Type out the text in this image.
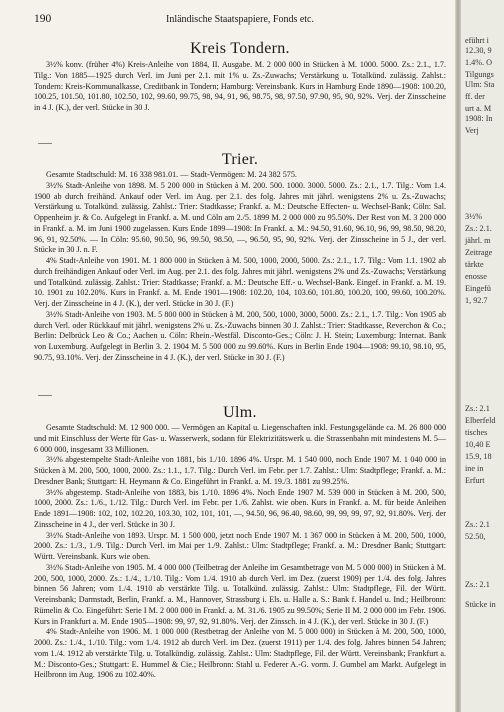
190	Inländische Staatspapiere, Fonds etc.
Kreis Tondern.

3½% konv. (früher 4%) Kreis-Anleihe von 1884, II. Ausgabe. M. 2 000 000 in Stücken à M. 1000. 5000. Zs.: 2.1., 1.7. Tilg.: Von 1885—1925 durch Verl. im Juni per 2.1. mit 1% u. Zs.-Zuwachs; Verstärkung u. Totalkünd. zulässig. Zahlst.: Tondern: Kreis-Kommunalkasse, Creditbank in Tondern; Hamburg: Vereinsbank. Kurs in Hamburg Ende 1890—1908: 100.20, 100.25, 101.50, 101.80, 102.50, 102, 99.60, 99.75, 98, 94, 91, 96, 98.75, 98, 97.50, 97.90, 95, 90, 92%. Verj. der Zinsscheine in 4 J. (K.), der verl. Stücke in 30 J.

Trier.

Gesamte Stadtschuld: M. 16 338 981.01. — Stadt-Vermögen: M. 24 382 575.

3½% Stadt-Anleihe von 1898. M. 5 200 000 in Stücken à M. 200. 500. 1000. 3000. 5000. Zs.: 2.1., 1.7. Tilg.: Vom 1.4. 1900 ab durch freihänd. Ankauf oder Verl. im Aug. per 2.1. des folg. Jahres mit jährl. wenigstens 2% u. Zs.-Zuwachs; Verstärkung u. Totalkünd. zulässig. Zahlst.: Trier: Stadtkasse; Frankf. a. M.: Deutsche Effecten- u. Wechsel-Bank; Cöln: Sal. Oppenheim jr. & Co. Aufgelegt in Frankf. a. M. und Cöln am 2./5. 1899 M. 2 000 000 zu 95.50%. Der Rest von M. 3 200 000 in Frankf. a. M. im Juni 1900 zugelassen. Kurs Ende 1899—1908: In Frankf. a. M.: 94.50, 91.60, 96.10, 96, 99, 98.50, 98.20, 96, 91, 92.50%. — In Cöln: 95.60, 90.50, 96, 99.50, 98.50, —, 96.50, 95, 90, 92%. Verj. der Zinsscheine in 5 J., der verl. Stücke in 30 J. n. F.

4% Stadt-Anleihe von 1901. M. 1 800 000 in Stücken à M. 500, 1000, 2000, 5000. Zs.: 2.1., 1.7. Tilg.: Vom 1.1. 1902 ab durch freihändigen Ankauf oder Verl. im Aug. per 2.1. des folg. Jahres mit jährl. wenigstens 2% und Zs.-Zuwachs; Verstärkung und Totalkünd. zulässig. Zahlst.: Trier: Stadtkasse; Frankf. a. M.: Deutsche Eff.- u. Wechsel-Bank. Eingef. in Frankf. a. M. 19. 10. 1901 zu 102.20%. Kurs in Frankf. a. M. Ende 1901—1908: 102.20, 104, 103.60, 101.80, 100.20, 100, 99.60, 100.20%. Verj. der Zinsscheine in 4 J. (K.), der verl. Stücke in 30 J. (F.)

3½% Stadt-Anleihe von 1903. M. 5 800 000 in Stücken à M. 200, 500, 1000, 3000, 5000. Zs.: 2.1., 1.7. Tilg.: Von 1905 ab durch Verl. oder Rückkauf mit jährl. wenigstens 2% u. Zs.-Zuwachs binnen 30 J. Zahlst.: Trier: Stadtkasse, Reverchon & Co.; Berlin: Delbrück Leo & Co.; Aachen u. Cöln: Rhein.-Westfäl. Disconto-Ges.; Cöln: J. H. Stein; Luxemburg: Internat. Bank von Luxemburg. Aufgelegt in Berlin 3. 2. 1904 M. 5 500 000 zu 99.60%. Kurs in Berlin Ende 1904—1908: 99.10, 98.10, 95, 90.75, 93.10%. Verj. der Zinsscheine in 4 J. (K.), der verl. Stücke in 30 J. (F.)

Ulm.

Gesamte Stadtschuld: M. 12 900 000. — Vermögen an Kapital u. Liegenschaften inkl. Festungsgelände ca. M. 26 800 000 und mit Einschluss der Werte für Gas- u. Wasserwerk, sodann für Elektrizitätswerk u. die Strassenbahn mit mindestens M. 5—6 000 000, insgesamt 33 Millionen.

3½% abgestempelte Stadt-Anleihe von 1881, bis 1./10. 1896 4%. Urspr. M. 1 540 000, noch Ende 1907 M. 1 040 000 in Stücken à M. 200, 500, 1000, 2000. Zs.: 1.1., 1.7. Tilg.: Durch Verl. im Febr. per 1.7. Zahlst.: Ulm: Stadtpflege; Frankf. a. M.: Dresdner Bank; Stuttgart: H. Heymann & Co. Eingeführt in Frankf. a. M. 19./3. 1881 zu 99.25%.

3½% abgestemp. Stadt-Anleihe von 1883, bis 1./10. 1896 4%. Noch Ende 1907 M. 539 000 in Stücken à M. 200, 500, 1000, 2000. Zs.: 1./6., 1./12. Tilg.: Durch Verl. im Febr. per 1./6. Zahlst. wie oben. Kurs in Frankf. a. M. für beide Anleihen Ende 1891—1908: 102, 102, 102.20, 103.30, 102, 101, 101, —, 94.50, 96, 96.40, 98.60, 99, 99, 99, 97, 92, 91.80%. Verj. der Zinsscheine in 4 J., der verl. Stücke in 30 J.

3½% Stadt-Anleihe von 1893. Urspr. M. 1 500 000, jetzt noch Ende 1907 M. 1 367 000 in Stücken à M. 200, 500, 1000, 2000. Zs.: 1./3., 1./9. Tilg.: Durch Verl. im Mai per 1./9. Zahlst.: Ulm: Stadtpflege; Frankf. a. M.: Dresdner Bank; Stuttgart: Württ. Vereinsbank. Kurs wie oben.

3½% Stadt-Anleihe von 1905. M. 4 000 000 (Teilbetrag der Anleihe im Gesamtbetrage von M. 5 000 000) in Stücken à M. 200, 500, 1000, 2000. Zs.: 1./4., 1./10. Tilg.: Vom 1./4. 1910 ab durch Verl. im Dez. (zuerst 1909) per 1./4. des folg. Jahres binnen 56 Jahren; vom 1./4. 1910 ab verstärkte Tilg. u. Totalkünd. zulässig. Zahlst.: Ulm: Stadtpflege, Fil. der Württ. Vereinsbank; Darmstadt, Berlin, Frankf. a. M., Hannover, Strassburg i. Els. u. Halle a. S.: Bank f. Handel u. Ind.; Heilbronn: Rümelin & Co. Eingeführt: Serie I M. 2 000 000 in Frankf. a. M. 31./6. 1905 zu 99.50%; Serie II M. 2 000 000 im Febr. 1906. Kurs in Frankfurt a. M. Ende 1905—1908: 99, 97, 92, 91.80%. Verj. der Zinssch. in 4 J. (K.), der verl. Stücke in 30 J. (F.)

4% Stadt-Anleihe von 1906. M. 1 000 000 (Restbetrag der Anleihe von M. 5 000 000) in Stücken à M. 200, 500, 1000, 2000. Zs.: 1./4., 1./10. Tilg.: vom 1./4. 1912 ab durch Verl. im Dez. (zuerst 1911) per 1./4. des folg. Jahres binnen 54 Jahren; vom 1./4. 1912 ab verstärkte Tilg. u. Totalkündig. zulässig. Zahlst.: Ulm: Stadtpflege, Fil. der Württ. Vereinsbank; Frankfurt a. M.: Disconto-Ges.; Stuttgart: E. Hummel & Cie.; Heilbronn: Stahl u. Federer A.-G. vorm. J. Gumbel am Markt. Aufgelegt in Heilbronn im Aug. 1906 zu 102.40%.

eführt i
12.30, 9
1.4%. O
Tilgungs
Ulm: Sta
ff. der
urt a. M
1908: In
Verj
3½%
Zs.: 2.1.
jährl. m
Zeitrage
tärkte
enosse
Eingefü
1, 92.7
Zs.: 2.1
Elberfeld
tisches
10,40 E
15.9, 18
ine in
Erfurt
Zs.: 2.1
52.50,
Zs.: 2.1
Stücke in
